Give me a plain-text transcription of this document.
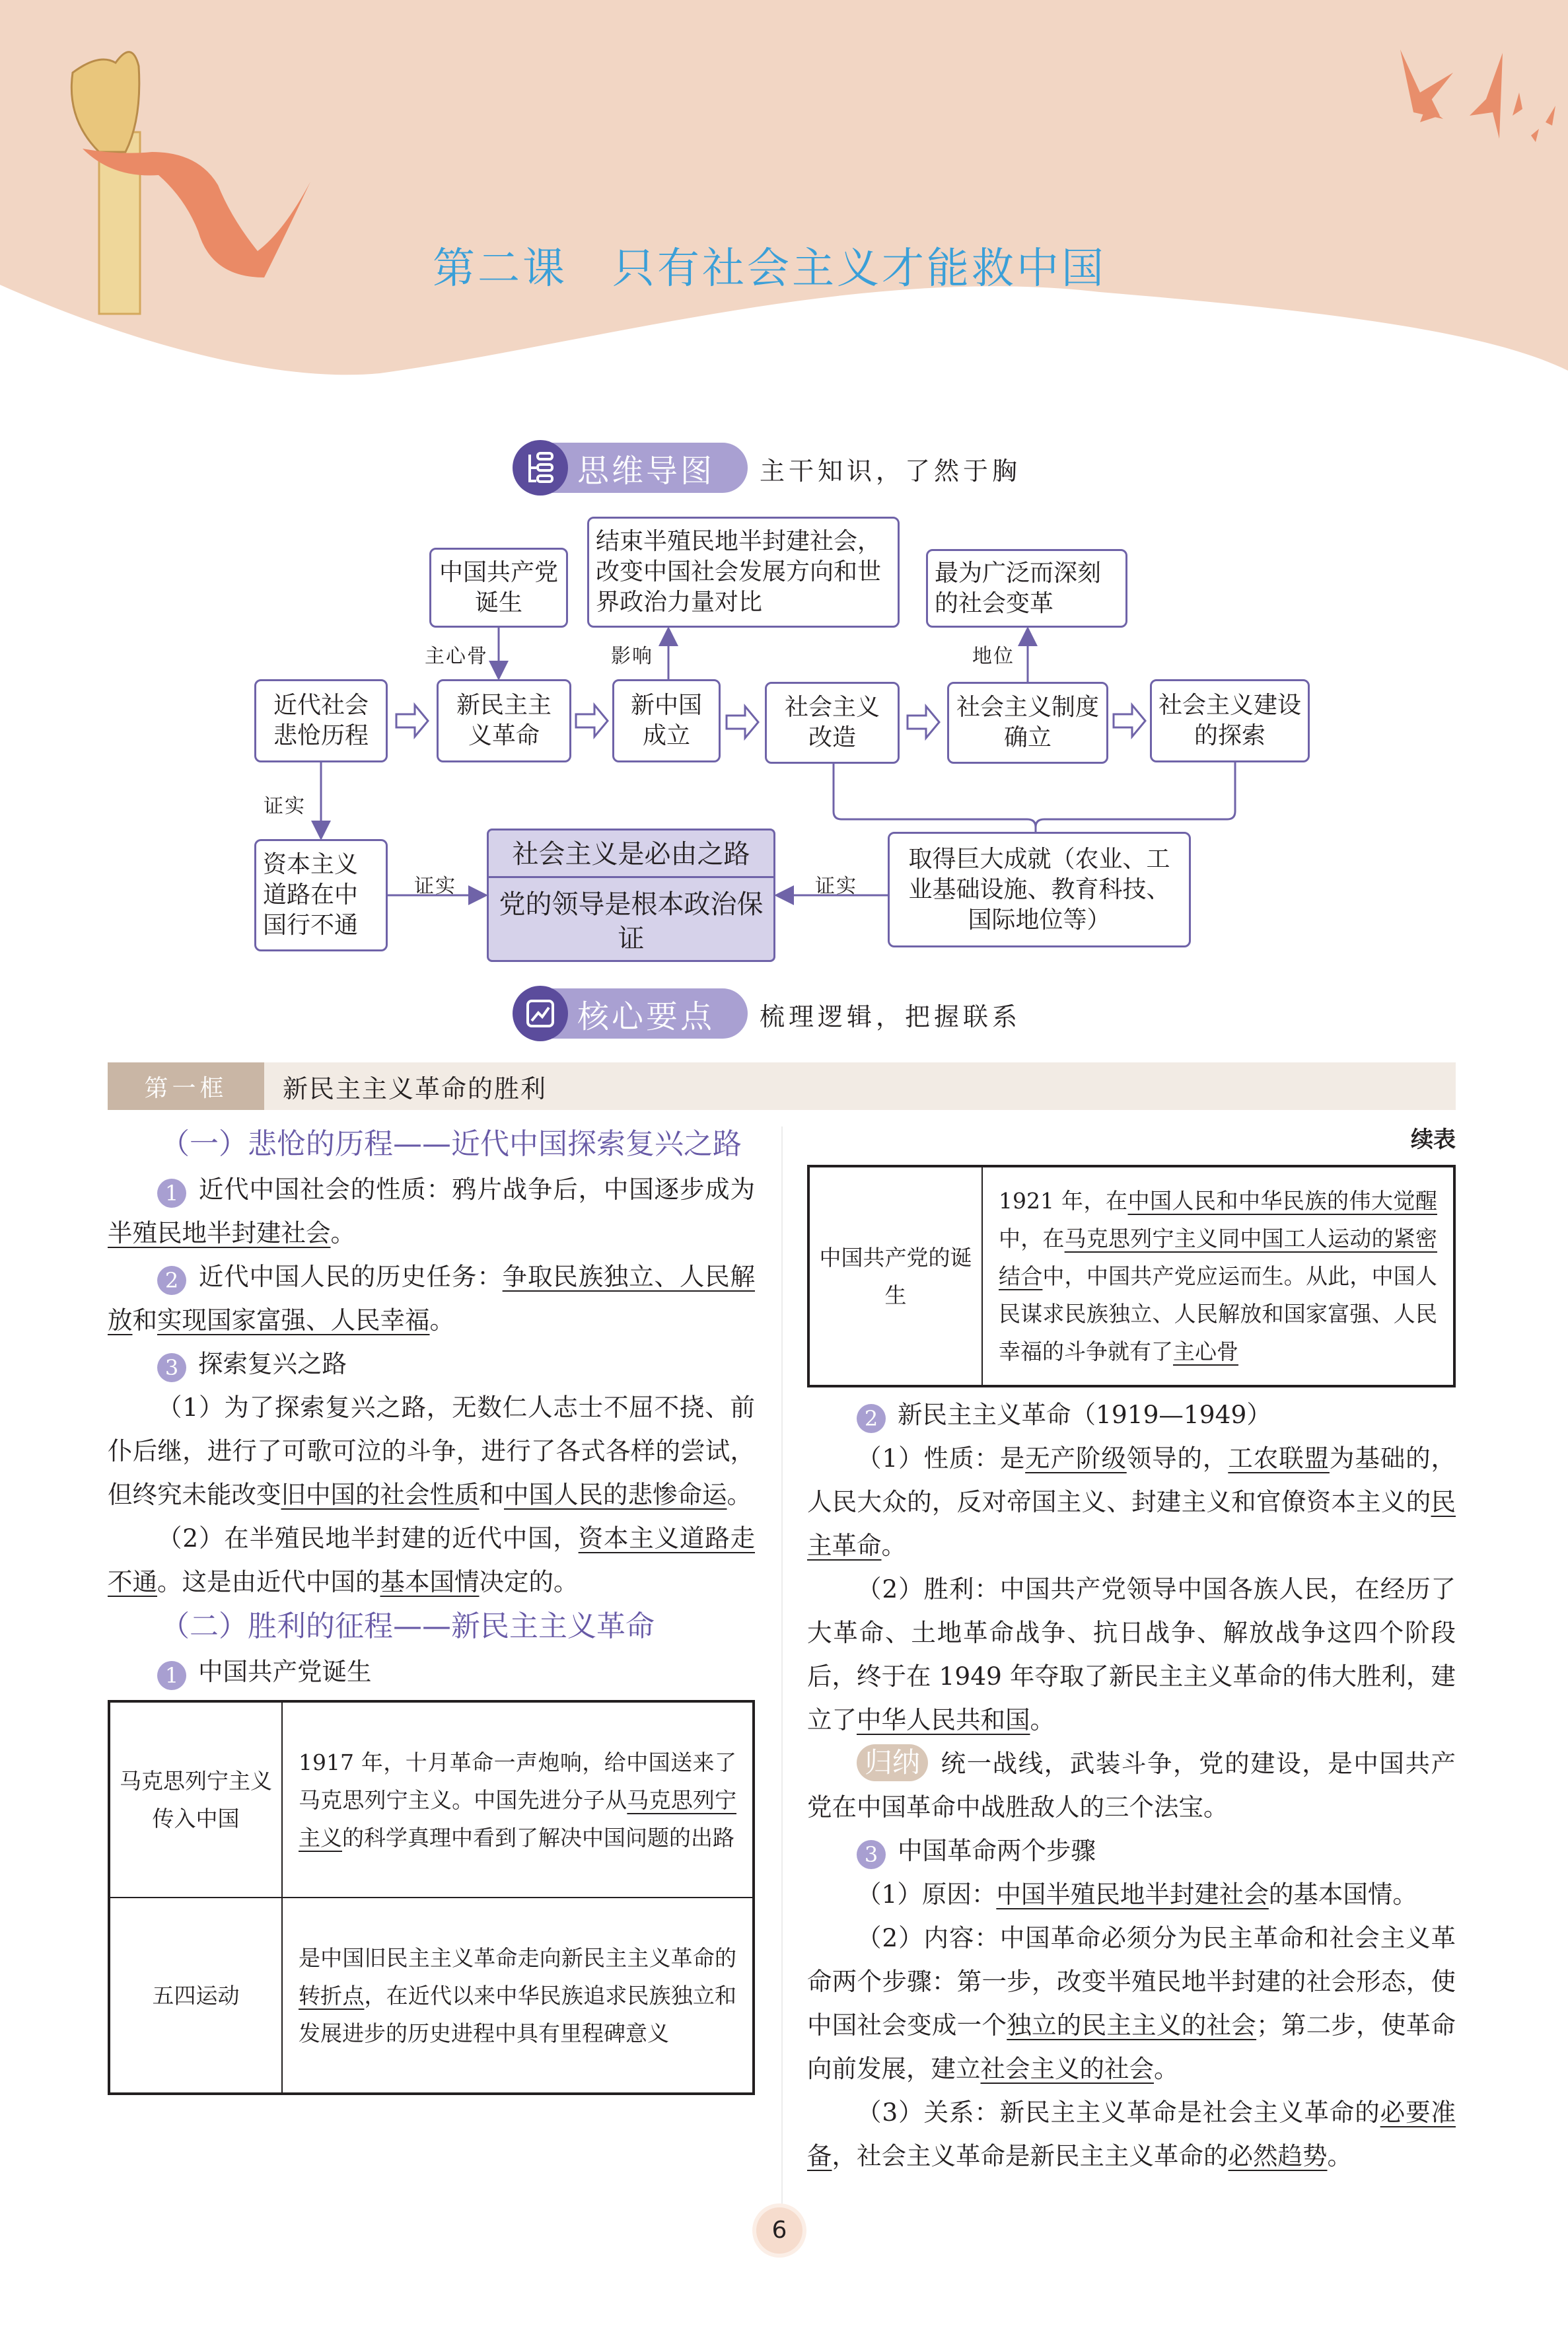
第二课　只有社会主义才能救中国
思维导图 主干知识，了然于胸
中国共产党诞生
结束半殖民地半封建社会，改变中国社会发展方向和世界政治力量对比
最为广泛而深刻的社会变革
近代社会悲怆历程
新民主主义革命
新中国成立
社会主义改造
社会主义制度确立
社会主义建设的探索
资本主义道路在中国行不通
社会主义是必由之路
党的领导是根本政治保证
取得巨大成就（农业、工业基础设施、教育科技、国际地位等）
主心骨	影响	地位
证实
证实	证实
核心要点 梳理逻辑，把握联系
第一框	新民主主义革命的胜利
（一）悲怆的历程——近代中国探索复兴之路
1 近代中国社会的性质：鸦片战争后，中国逐步成为半殖民地半封建社会。
2 近代中国人民的历史任务：争取民族独立、人民解放和实现国家富强、人民幸福。
3 探索复兴之路
（1）为了探索复兴之路，无数仁人志士不屈不挠、前仆后继，进行了可歌可泣的斗争，进行了各式各样的尝试，但终究未能改变旧中国的社会性质和中国人民的悲惨命运。
（2）在半殖民地半封建的近代中国，资本主义道路走不通。这是由近代中国的基本国情决定的。
（二）胜利的征程——新民主主义革命
1 中国共产党诞生
马克思列宁主义传入中国	1917 年，十月革命一声炮响，给中国送来了马克思列宁主义。中国先进分子从马克思列宁主义的科学真理中看到了解决中国问题的出路
五四运动	是中国旧民主主义革命走向新民主主义革命的转折点，在近代以来中华民族追求民族独立和发展进步的历史进程中具有里程碑意义
续表
中国共产党的诞生	1921 年，在中国人民和中华民族的伟大觉醒中，在马克思列宁主义同中国工人运动的紧密结合中，中国共产党应运而生。从此，中国人民谋求民族独立、人民解放和国家富强、人民幸福的斗争就有了主心骨
2 新民主主义革命（1919—1949）
（1）性质：是无产阶级领导的，工农联盟为基础的，人民大众的，反对帝国主义、封建主义和官僚资本主义的民主革命。
（2）胜利：中国共产党领导中国各族人民，在经历了大革命、土地革命战争、抗日战争、解放战争这四个阶段后，终于在 1949 年夺取了新民主主义革命的伟大胜利，建立了中华人民共和国。
归纳 统一战线，武装斗争，党的建设，是中国共产党在中国革命中战胜敌人的三个法宝。
3 中国革命两个步骤
（1）原因：中国半殖民地半封建社会的基本国情。
（2）内容：中国革命必须分为民主革命和社会主义革命两个步骤：第一步，改变半殖民地半封建的社会形态，使中国社会变成一个独立的民主主义的社会；第二步，使革命向前发展，建立社会主义的社会。
（3）关系：新民主主义革命是社会主义革命的必要准备，社会主义革命是新民主主义革命的必然趋势。
6
